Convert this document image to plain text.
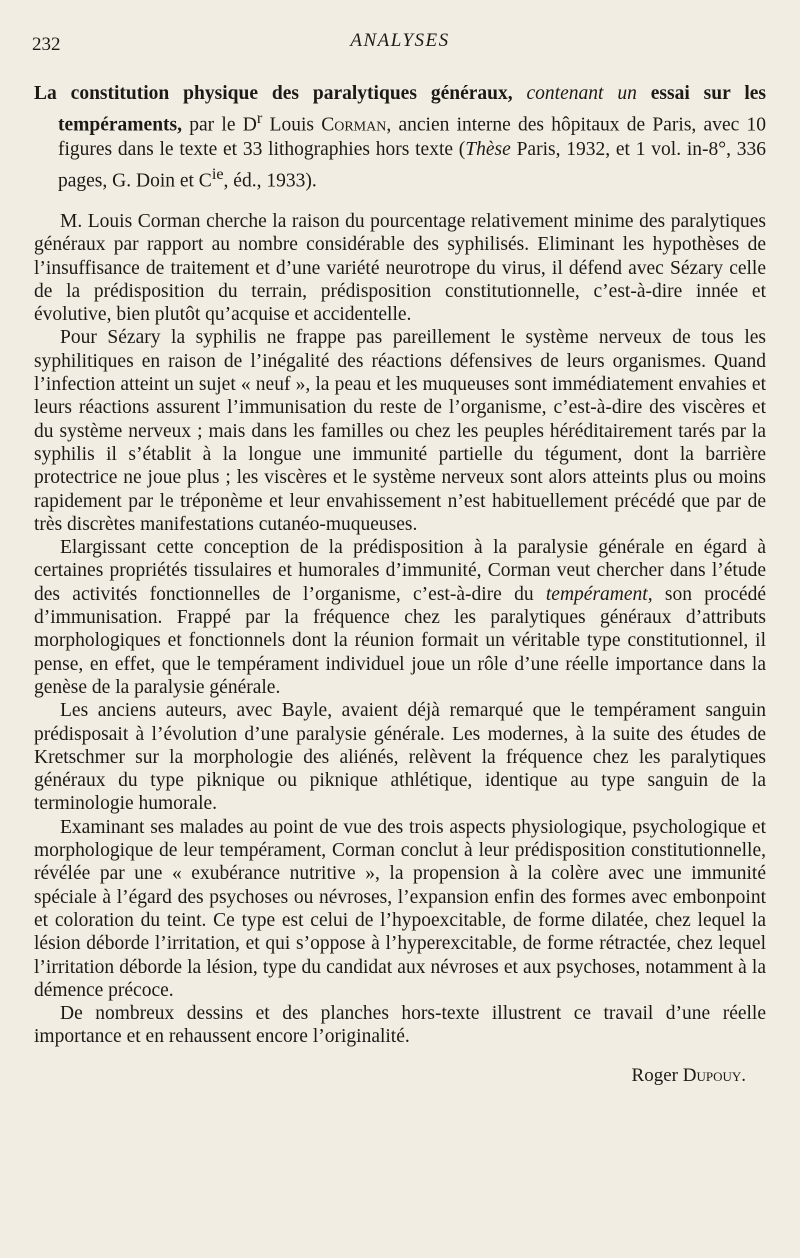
232	ANALYSES

La constitution physique des paralytiques généraux, contenant un essai sur les tempéraments, par le $D^r$ Louis Corman, ancien interne des hôpitaux de Paris, avec 10 figures dans le texte et 33 lithographies hors texte (Thèse Paris, 1932, et 1 vol. in-8°, 336 pages, G. Doin et $C^{ie}$, éd., 1933).

M. Louis Corman cherche la raison du pourcentage relativement minime des paralytiques généraux par rapport au nombre considérable des syphilisés. Eliminant les hypothèses de l’insuffisance de traitement et d’une variété neurotrope du virus, il défend avec Sézary celle de la prédisposition du terrain, prédisposition constitutionnelle, c’est-à-dire innée et évolutive, bien plutôt qu’acquise et accidentelle.

Pour Sézary la syphilis ne frappe pas pareillement le système nerveux de tous les syphilitiques en raison de l’inégalité des réactions défensives de leurs organismes. Quand l’infection atteint un sujet « neuf », la peau et les muqueuses sont immédiatement envahies et leurs réactions assurent l’immunisation du reste de l’organisme, c’est-à-dire des viscères et du système nerveux ; mais dans les familles ou chez les peuples héréditairement tarés par la syphilis il s’établit à la longue une immunité partielle du tégument, dont la barrière protectrice ne joue plus ; les viscères et le système nerveux sont alors atteints plus ou moins rapidement par le tréponème et leur envahissement n’est habituellement précédé que par de très discrètes manifestations cutanéo-muqueuses.

Elargissant cette conception de la prédisposition à la paralysie générale en égard à certaines propriétés tissulaires et humorales d’immunité, Corman veut chercher dans l’étude des activités fonctionnelles de l’organisme, c’est-à-dire du tempérament, son procédé d’immunisation. Frappé par la fréquence chez les paralytiques généraux d’attributs morphologiques et fonctionnels dont la réunion formait un véritable type constitutionnel, il pense, en effet, que le tempérament individuel joue un rôle d’une réelle importance dans la genèse de la paralysie générale.

Les anciens auteurs, avec Bayle, avaient déjà remarqué que le tempérament sanguin prédisposait à l’évolution d’une paralysie générale. Les modernes, à la suite des études de Kretschmer sur la morphologie des aliénés, relèvent la fréquence chez les paralytiques généraux du type piknique ou piknique athlétique, identique au type sanguin de la terminologie humorale.

Examinant ses malades au point de vue des trois aspects physiologique, psychologique et morphologique de leur tempérament, Corman conclut à leur prédisposition constitutionnelle, révélée par une « exubérance nutritive », la propension à la colère avec une immunité spéciale à l’égard des psychoses ou névroses, l’expansion enfin des formes avec embonpoint et coloration du teint. Ce type est celui de l’hypoexcitable, de forme dilatée, chez lequel la lésion déborde l’irritation, et qui s’oppose à l’hyperexcitable, de forme rétractée, chez lequel l’irritation déborde la lésion, type du candidat aux névroses et aux psychoses, notamment à la démence précoce.

De nombreux dessins et des planches hors-texte illustrent ce travail d’une réelle importance et en rehaussent encore l’originalité.

Roger Dupouy.
